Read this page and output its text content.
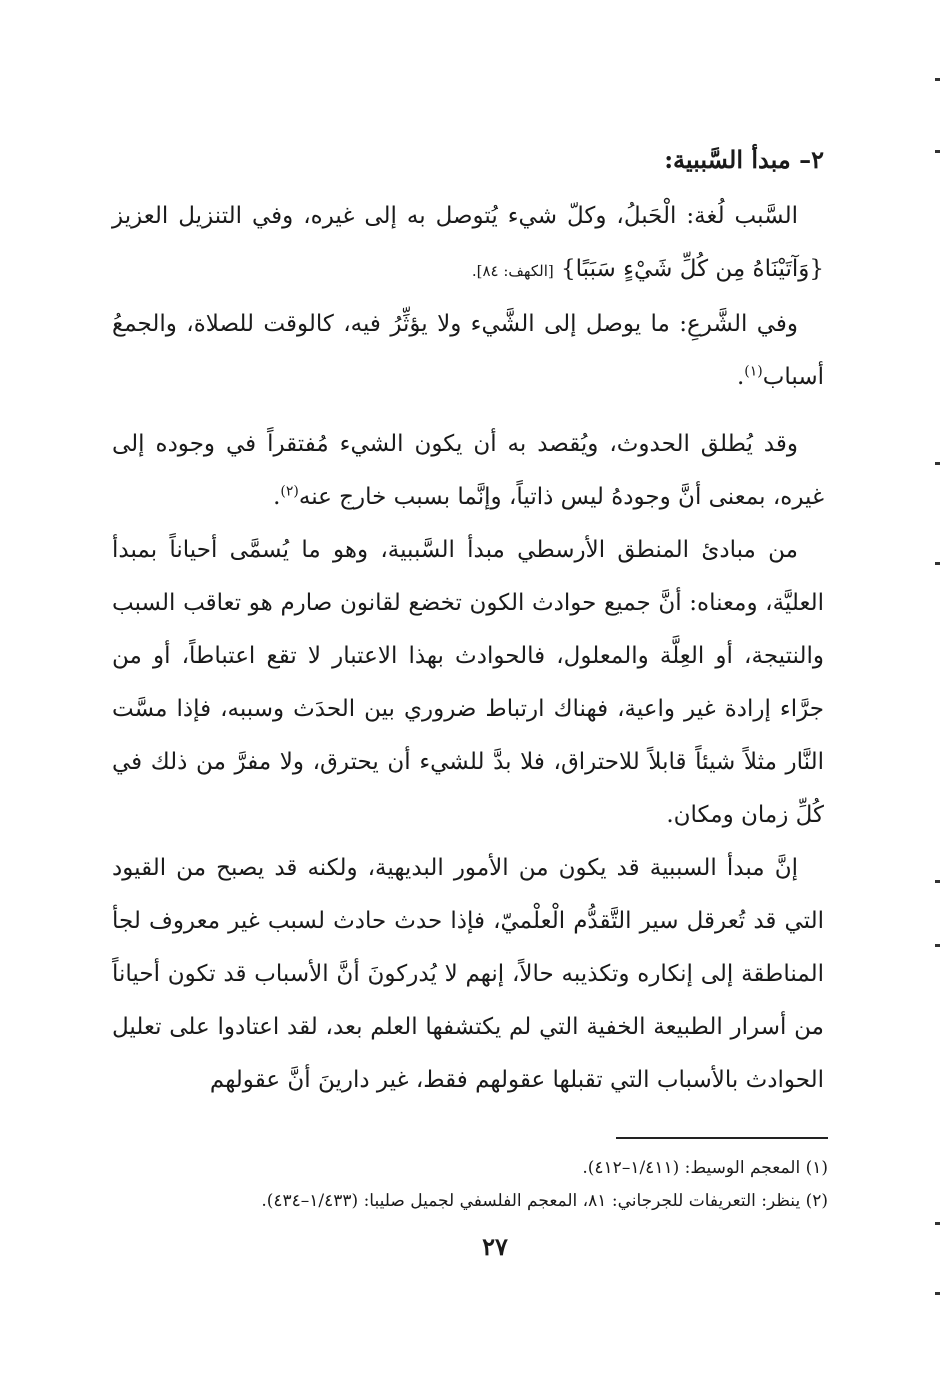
٢– مبدأ السَّببية:

السَّبب لُغة: الْحَبلُ، وكلّ شيء يُتوصل به إلى غيره، وفي التنزيل العزيز {وَآتَيْنَاهُ مِن كُلِّ شَيْءٍ سَبَبًا} [الكهف: ٨٤].

وفي الشَّرعِ: ما يوصل إلى الشَّيء ولا يؤثِّرُ فيه، كالوقت للصلاة، والجمعُ أسباب$^{(١)}$.

وقد يُطلق الحدوث، ويُقصد به أن يكون الشيء مُفتقراً في وجوده إلى غيره، بمعنى أنَّ وجودهُ ليس ذاتياً، وإنَّما بسبب خارج عنه$^{(٢)}$.

من مبادئ المنطق الأرسطي مبدأ السَّببية، وهو ما يُسمَّى أحياناً بمبدأ العليَّة، ومعناه: أنَّ جميع حوادث الكون تخضع لقانون صارم هو تعاقب السبب والنتيجة، أو العِلَّة والمعلول، فالحوادث بهذا الاعتبار لا تقع اعتباطاً، أو من جرَّاء إرادة غير واعية، فهناك ارتباط ضروري بين الحدَث وسببه، فإذا مسَّت النَّار مثلاً شيئاً قابلاً للاحتراق، فلا بدَّ للشيء أن يحترق، ولا مفرَّ من ذلك في كُلِّ زمان ومكان.

إنَّ مبدأ السببية قد يكون من الأمور البديهية، ولكنه قد يصبح من القيود التي قد تُعرقل سير التَّقدُّم الْعلْميّ، فإذا حدث حادث لسبب غير معروف لجأ المناطقة إلى إنكاره وتكذيبه حالاً، إنهم لا يُدركونَ أنَّ الأسباب قد تكون أحياناً من أسرار الطبيعة الخفية التي لم يكتشفها العلم بعد، لقد اعتادوا على تعليل الحوادث بالأسباب التي تقبلها عقولهم فقط، غير دارينَ أنَّ عقولهم

(١) المعجم الوسيط: (١/٤١١–٤١٢).

(٢) ينظر: التعريفات للجرجاني: ٨١، المعجم الفلسفي لجميل صليبا: (١/٤٣٣–٤٣٤).

٢٧
